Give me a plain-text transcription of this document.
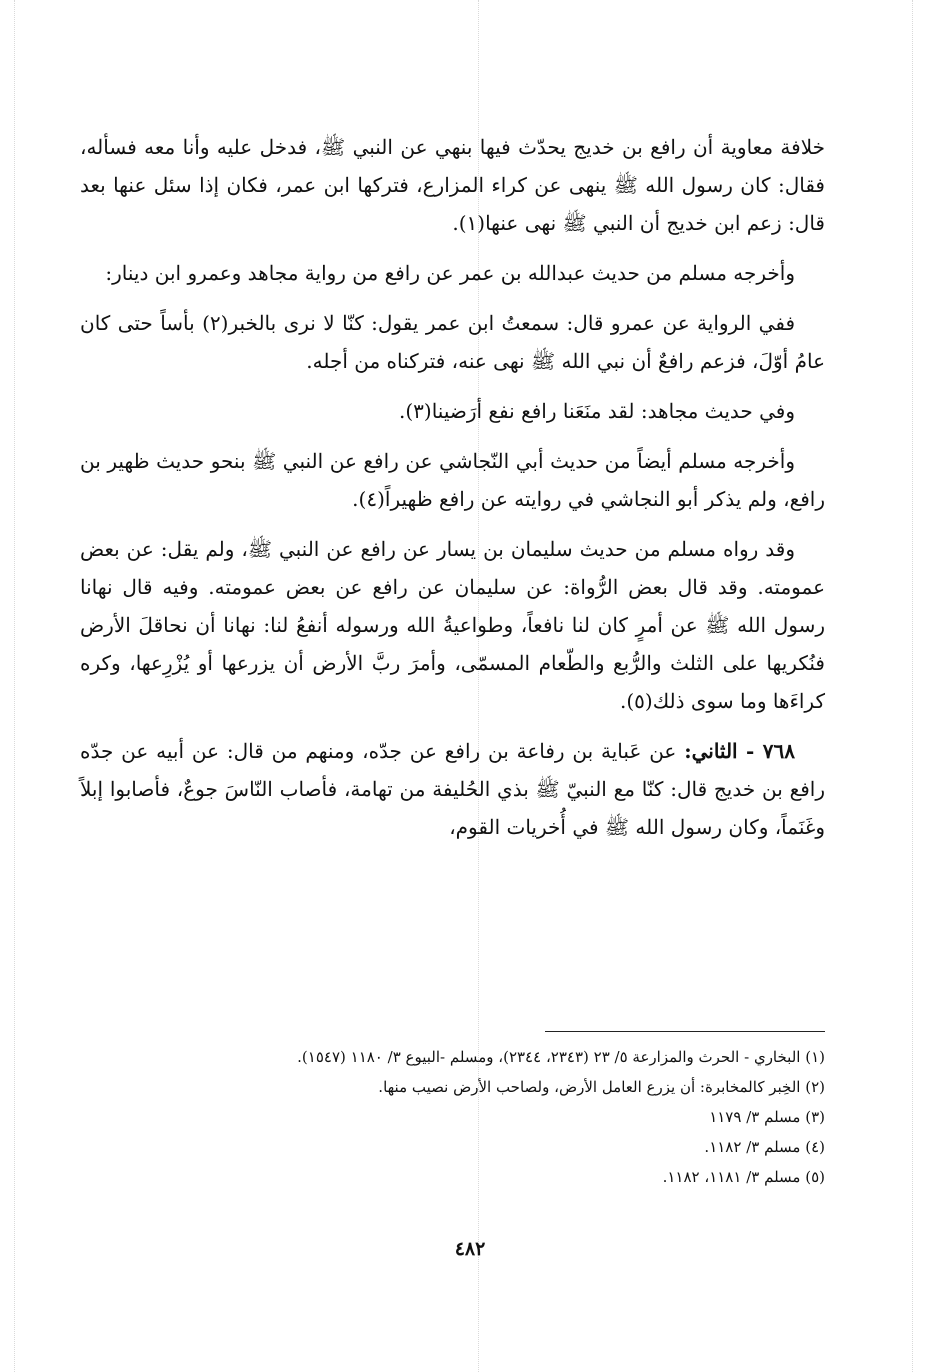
خلافة معاوية أن رافع بن خديج يحدّث فيها بنهي عن النبي ﷺ، فدخل عليه وأنا معه فسأله، فقال: كان رسول الله ﷺ ينهى عن كراء المزارع، فتركها ابن عمر، فكان إذا سئل عنها بعد قال: زعم ابن خديج أن النبي ﷺ نهى عنها(١).

وأخرجه مسلم من حديث عبدالله بن عمر عن رافع من رواية مجاهد وعمرو ابن دينار:

ففي الرواية عن عمرو قال: سمعتُ ابن عمر يقول: كنّا لا نرى بالخبر(٢) بأساً حتى كان عامُ أوّلَ، فزعم رافعٌ أن نبي الله ﷺ نهى عنه، فتركناه من أجله.

وفي حديث مجاهد: لقد منَعَنا رافع نفع أرَضينا(٣).

وأخرجه مسلم أيضاً من حديث أبي النّجاشي عن رافع عن النبي ﷺ بنحو حديث ظهير بن رافع، ولم يذكر أبو النجاشي في روايته عن رافع ظهيراً(٤).

وقد رواه مسلم من حديث سليمان بن يسار عن رافع عن النبي ﷺ، ولم يقل: عن بعض عمومته. وقد قال بعض الرُّواة: عن سليمان عن رافع عن بعض عمومته. وفيه قال نهانا رسول الله ﷺ عن أمرٍ كان لنا نافعاً، وطواعيةُ الله ورسوله أنفعُ لنا: نهانا أن نحاقلَ الأرض فنُكريها على الثلث والرُّبع والطّعام المسمّى، وأمرَ ربَّ الأرض أن يزرعها أو يُزْرِعها، وكره كراءَها وما سوى ذلك(٥).

٧٦٨ - الثاني: عن عَباية بن رفاعة بن رافع عن جدّه، ومنهم من قال: عن أبيه عن جدّه رافع بن خديج قال: كنّا مع النبيّ ﷺ بذي الحُليفة من تهامة، فأصاب النّاسَ جوعٌ، فأصابوا إبلاً وغَنَماً، وكان رسول الله ﷺ في أُخريات القوم،

(١) البخاري - الحرث والمزارعة ٥/ ٢٣ (٢٣٤٣، ٢٣٤٤)، ومسلم -البيوع ٣/ ١١٨٠ (١٥٤٧).

(٢) الخِبر كالمخابرة: أن يزرع العامل الأرض، ولصاحب الأرض نصيب منها.

(٣) مسلم ٣/ ١١٧٩

(٤) مسلم ٣/ ١١٨٢.

(٥) مسلم ٣/ ١١٨١، ١١٨٢.

٤٨٢
